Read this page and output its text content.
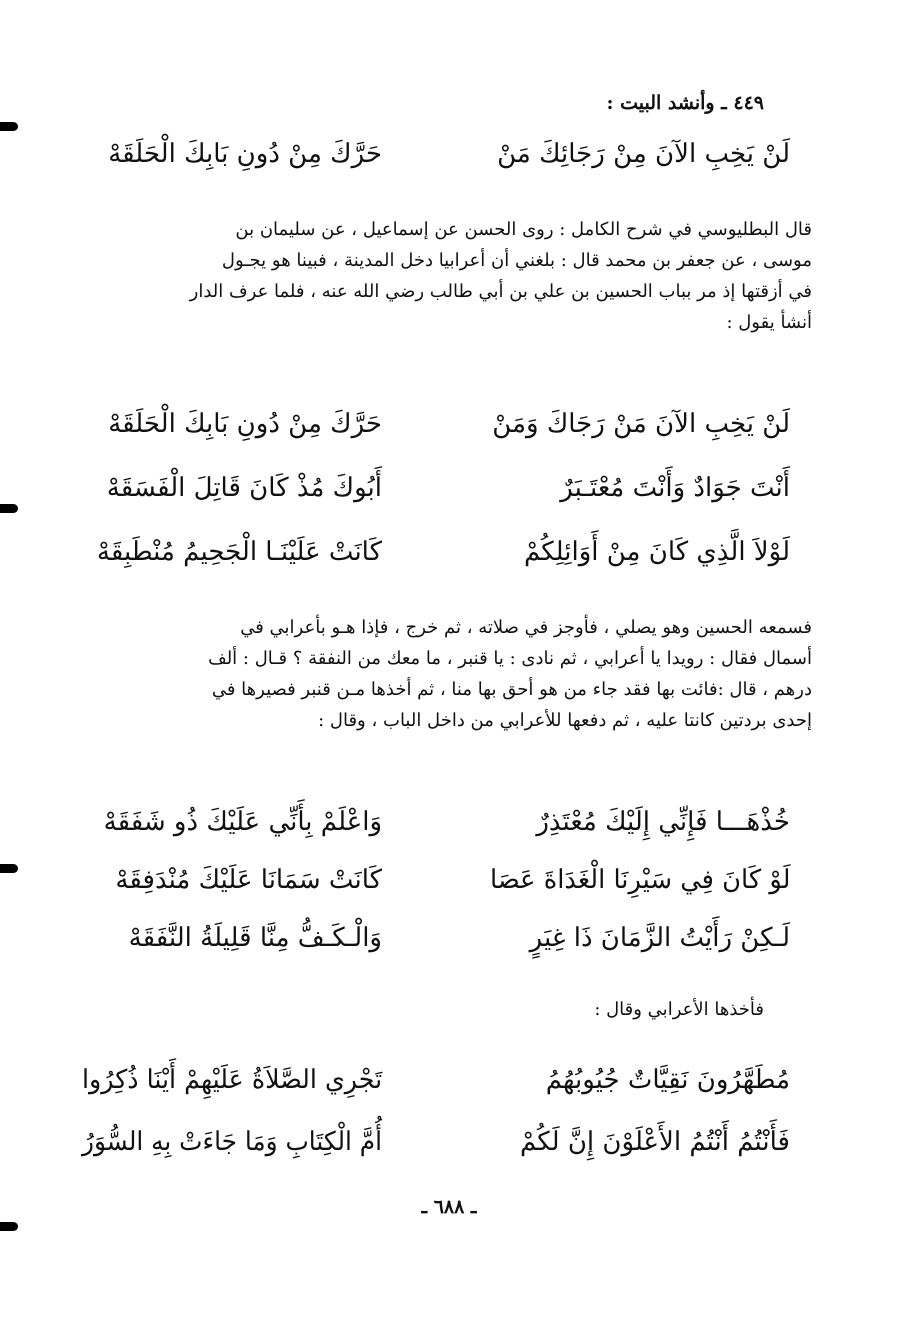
٤٤٩ ـ وأنشد البيت :
لَنْ يَخِبِ الآنَ مِنْ رَجَائِكَ مَنْ
حَرَّكَ مِنْ دُونِ بَابِكَ الْحَلَقَهْ
قال البطليوسي في شرح الكامل : روى الحسن عن إسماعيل ، عن سليمان بن
موسى ، عن جعفر بن محمد قال : بلغني أن أعرابيا دخل المدينة ، فبينا هو يجـول
في أزقتها إذ مر بباب الحسين بن علي بن أبي طالب رضي الله عنه ، فلما عرف الدار
أنشأ يقول :
لَنْ يَخِبِ الآنَ مَنْ رَجَاكَ وَمَنْ
حَرَّكَ مِنْ دُونِ بَابِكَ الْحَلَقَهْ
أَنْتَ جَوَادٌ وَأَنْتَ مُعْتَـبَرٌ
أَبُوكَ مُذْ كَانَ قَاتِلَ الْفَسَقَهْ
لَوْلاَ الَّذِي كَانَ مِنْ أَوَائِلِكُمْ
كَانَتْ عَلَيْنَـا الْجَحِيمُ مُنْطَبِقَهْ
فسمعه الحسين وهو يصلي ، فأوجز في صلاته ، ثم خرج ، فإذا هـو بأعرابي في
أسمال فقال : رويدا يا أعرابي ، ثم نادى : يا قنبر ، ما معك من النفقة ؟ قـال : ألف
درهم ، قال :فائت بها فقد جاء من هو أحق بها منا ، ثم أخذها مـن قنبر فصيرها في
إحدى بردتين كانتا عليه ، ثم دفعها للأعرابي من داخل الباب ، وقال :
خُذْهَـــا فَإِنِّي إِلَيْكَ مُعْتَذِرٌ
وَاعْلَمْ بِأَنِّي عَلَيْكَ ذُو شَفَقَهْ
لَوْ كَانَ فِي سَيْرِنَا الْغَدَاةَ عَصَا
كَانَتْ سَمَانَا عَلَيْكَ مُنْدَفِقَهْ
لَـكِنْ رَأَيْتُ الزَّمَانَ ذَا غِيَرٍ
وَالْـكَـفُّ مِنَّا قَلِيلَةُ النَّفَقَهْ
فأخذها الأعرابي وقال :
مُطَهَّرُونَ نَقِيَّاتٌ جُيُوبُهُمُ
تَجْرِي الصَّلاَةُ عَلَيْهِمْ أَيْنَا ذُكِرُوا
فَأَنْتُمُ أَنْتُمُ الأَعْلَوْنَ إِنَّ لَكُمْ
أُمَّ الْكِتَابِ وَمَا جَاءَتْ بِهِ السُّوَرُ
ـ ٦٨٨ ـ
